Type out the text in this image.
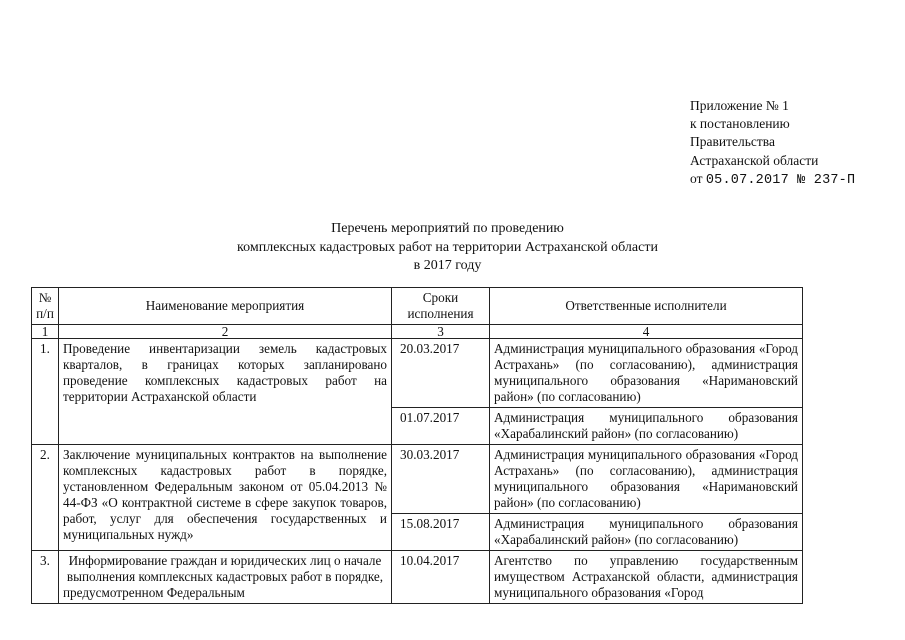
Приложение № 1
к постановлению
Правительства
Астраханской области
от 05.07.2017 № 237-П
Перечень мероприятий по проведению
комплексных кадастровых работ на территории Астраханской области
в 2017 году
№ п/п	Наименование мероприятия	Сроки исполнения	Ответственные исполнители
1	2	3	4
1.	Проведение инвентаризации земель кадастровых кварталов, в границах которых запланировано проведение комплексных кадастровых работ на территории Астраханской области	20.03.2017	Администрация муниципального образования «Город Астрахань» (по согласованию), администрация муниципального образования «Наримановский район» (по согласованию)
		01.07.2017	Администрация муниципального образования «Харабалинский район» (по согласованию)
2.	Заключение муниципальных контрактов на выполнение комплексных кадастровых работ в порядке, установленном Федеральным законом от 05.04.2013 № 44-ФЗ «О контрактной системе в сфере закупок товаров, работ, услуг для обеспечения государственных и муниципальных нужд»	30.03.2017	Администрация муниципального образования «Город Астрахань» (по согласованию), администрация муниципального образования «Наримановский район» (по согласованию)
		15.08.2017	Администрация муниципального образования «Харабалинский район» (по согласованию)
3.	Информирование граждан и юридических лиц о начале выполнения комплексных кадастровых работ в порядке, предусмотренном Федеральным	10.04.2017	Агентство по управлению государственным имуществом Астраханской области, администрация муниципального образования «Город
